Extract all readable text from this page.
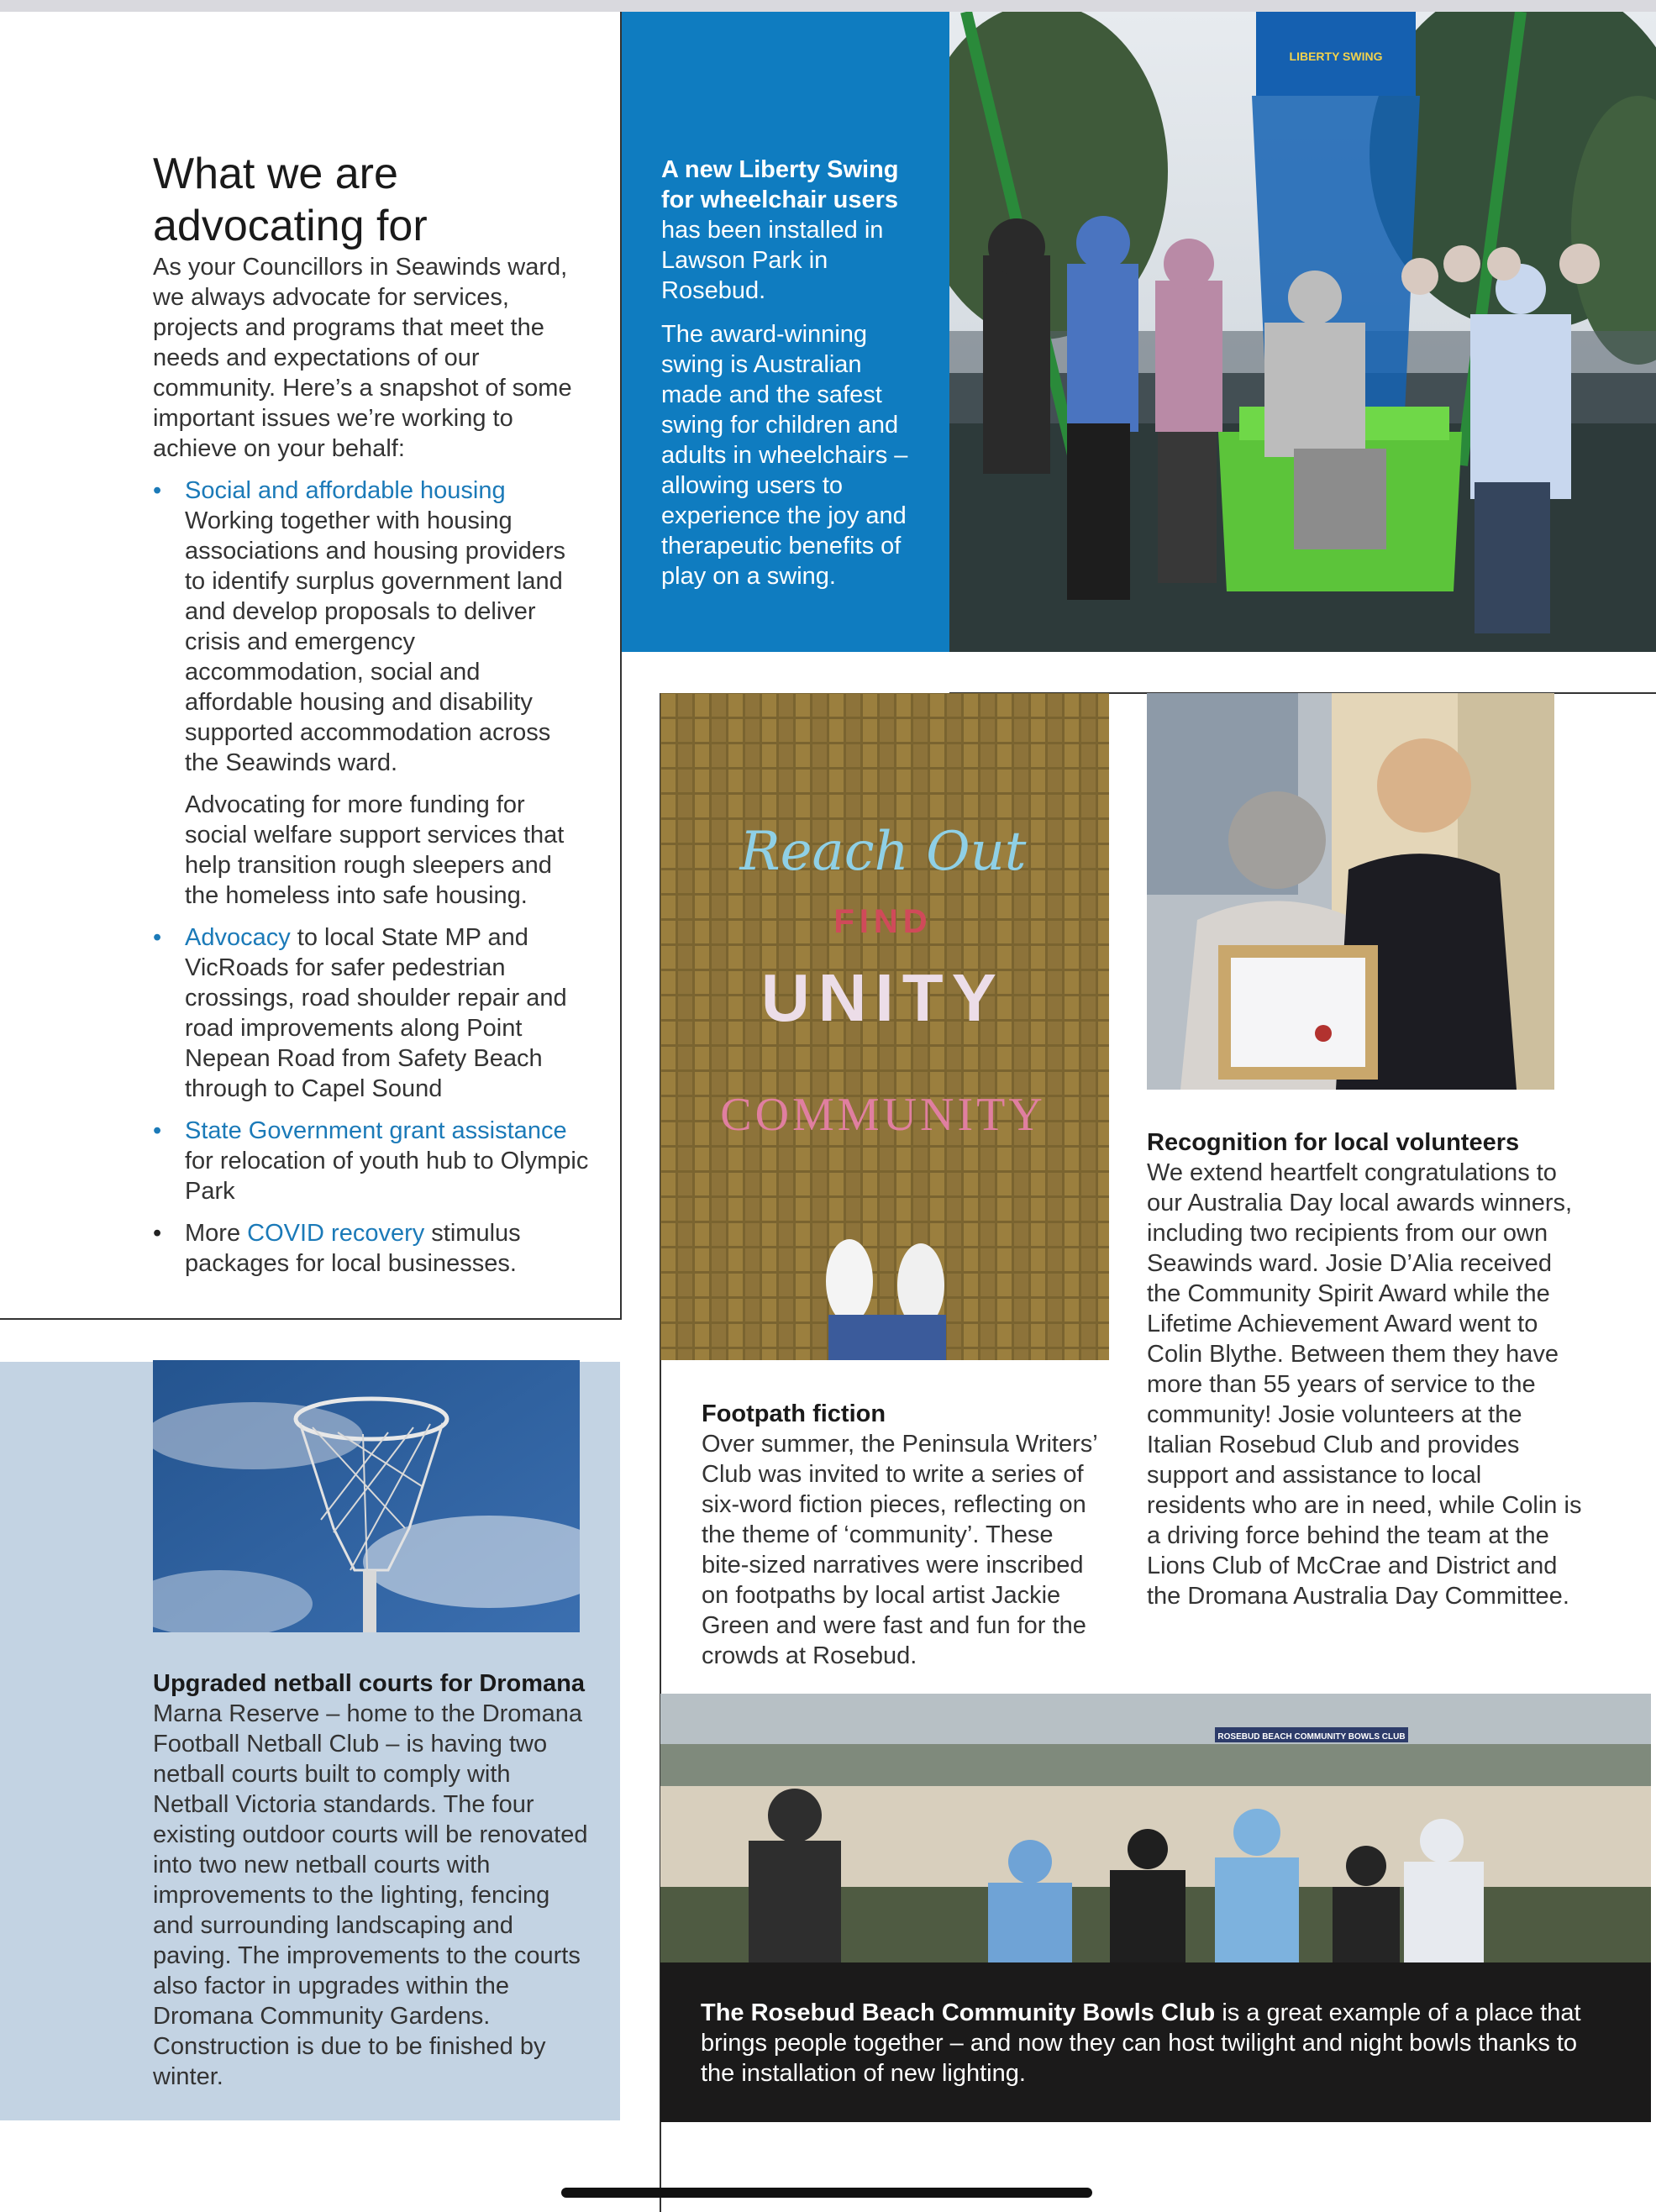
What we are
advocating for

As your Councillors in Seawinds ward, we always advocate for services, projects and programs that meet the needs and expectations of our community. Here’s a snapshot of some important issues we’re working to achieve on your behalf:

• Social and affordable housing
Working together with housing associations and housing providers to identify surplus government land and develop proposals to deliver crisis and emergency accommodation, social and affordable housing and disability supported accommodation across the Seawinds ward.

Advocating for more funding for social welfare support services that help transition rough sleepers and the homeless into safe housing.

• Advocacy to local State MP and VicRoads for safer pedestrian crossings, road shoulder repair and road improvements along Point Nepean Road from Safety Beach through to Capel Sound

• State Government grant assistance for relocation of youth hub to Olympic Park

• More COVID recovery stimulus packages for local businesses.

A new Liberty Swing for wheelchair users has been installed in Lawson Park in Rosebud.

The award-winning swing is Australian made and the safest swing for children and adults in wheelchairs – allowing users to experience the joy and therapeutic benefits of play on a swing.

LIBERTY SWING
Reach Out
FIND
UNITY
COMMUNITY

Footpath fiction
Over summer, the Peninsula Writers’ Club was invited to write a series of six-word fiction pieces, reflecting on the theme of ‘community’. These bite-sized narratives were inscribed on footpaths by local artist Jackie Green and were fast and fun for the crowds at Rosebud.

Recognition for local volunteers
We extend heartfelt congratulations to our Australia Day local awards winners, including two recipients from our own Seawinds ward. Josie D’Alia received the Community Spirit Award while the Lifetime Achievement Award went to Colin Blythe. Between them they have more than 55 years of service to the community! Josie volunteers at the Italian Rosebud Club and provides support and assistance to local residents who are in need, while Colin is a driving force behind the team at the Lions Club of McCrae and District and the Dromana Australia Day Committee.

Upgraded netball courts for Dromana Marna Reserve – home to the Dromana Football Netball Club – is having two netball courts built to comply with Netball Victoria standards. The four existing outdoor courts will be renovated into two new netball courts with improvements to the lighting, fencing and surrounding landscaping and paving. The improvements to the courts also factor in upgrades within the Dromana Community Gardens. Construction is due to be finished by winter.

ROSEBUD BEACH COMMUNITY BOWLS CLUB

The Rosebud Beach Community Bowls Club is a great example of a place that brings people together – and now they can host twilight and night bowls thanks to the installation of new lighting.
